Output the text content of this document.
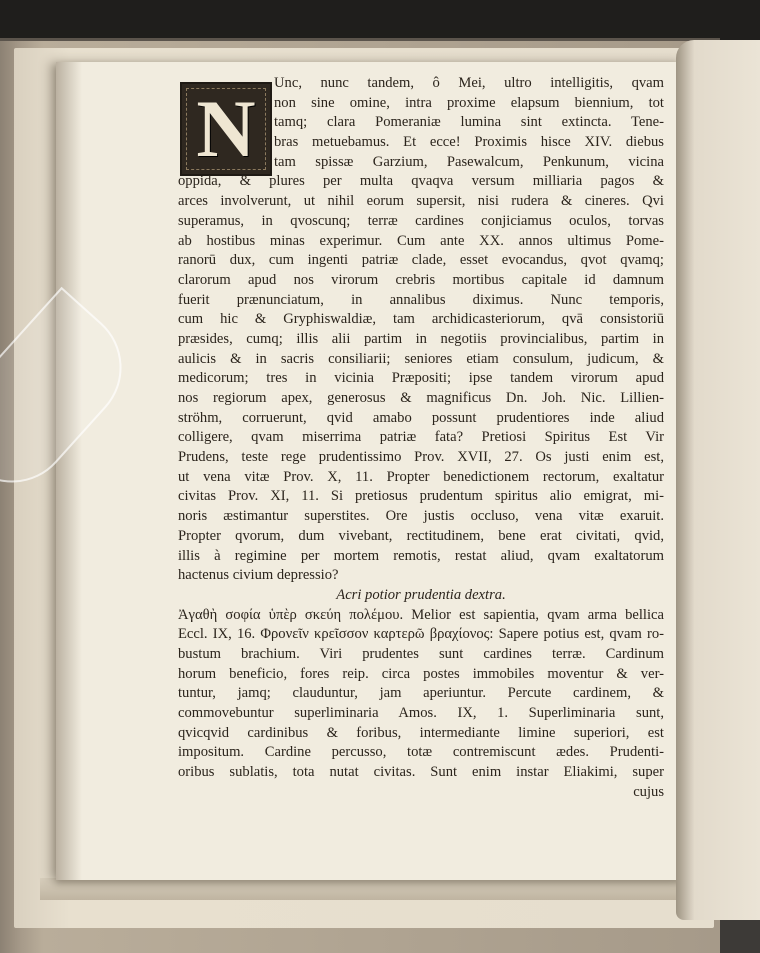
N	Unc, nunc tandem, ô Mei, ultro intelligitis, qvam
non sine omine, intra proxime elapsum biennium, tot
tamq; clara Pomeraniæ lumina sint extincta. Tene-
bras metuebamus. Et ecce! Proximis hisce XIV. diebus
tam spissæ Garzium, Pasewalcum, Penkunum, vicina
oppida, & plures per multa qvaqva versum milliaria pagos &
arces involverunt, ut nihil eorum supersit, nisi rudera & cineres. Qvi
superamus, in qvoscunq; terræ cardines conjiciamus oculos, torvas
ab hostibus minas experimur. Cum ante XX. annos ultimus Pome-
ranorū dux, cum ingenti patriæ clade, esset evocandus, qvot qvamq;
clarorum apud nos virorum crebris mortibus capitale id damnum
fuerit prænunciatum, in annalibus diximus. Nunc temporis,
cum hic & Gryphiswaldiæ, tam archidicasteriorum, qvā consistoriū
præsides, cumq; illis alii partim in negotiis provincialibus, partim in
aulicis & in sacris consiliarii; seniores etiam consulum, judicum, &
medicorum; tres in vicinia Præpositi; ipse tandem virorum apud
nos regiorum apex, generosus & magnificus Dn. Joh. Nic. Lillien-
ströhm, corruerunt, qvid amabo possunt prudentiores inde aliud
colligere, qvam miserrima patriæ fata? Pretiosi Spiritus Est Vir
Prudens, teste rege prudentissimo Prov. XVII, 27. Os justi enim est,
ut vena vitæ Prov. X, 11. Propter benedictionem rectorum, exaltatur
civitas Prov. XI, 11. Si pretiosus prudentum spiritus alio emigrat, mi-
noris æstimantur superstites. Ore justis occluso, vena vitæ exaruit.
Propter qvorum, dum vivebant, rectitudinem, bene erat civitati, qvid,
illis à regimine per mortem remotis, restat aliud, qvam exaltatorum
hactenus civium depressio?
Acri potior prudentia dextra.
Ἀγαθὴ σοφία ὑπὲρ σκεύη πολέμου. Melior est sapientia, qvam arma bellica
Eccl. IX, 16. Φρονεῖν κρεῖσσον καρτερῶ βραχίονος: Sapere potius est, qvam ro-
bustum brachium. Viri prudentes sunt cardines terræ. Cardinum
horum beneficio, fores reip. circa postes immobiles moventur & ver-
tuntur, jamq; clauduntur, jam aperiuntur. Percute cardinem, &
commovebuntur superliminaria Amos. IX, 1. Superliminaria sunt,
qvicqvid cardinibus & foribus, intermediante limine superiori, est
impositum. Cardine percusso, totæ contremiscunt ædes. Prudenti-
oribus sublatis, tota nutat civitas. Sunt enim instar Eliakimi, super
cujus
